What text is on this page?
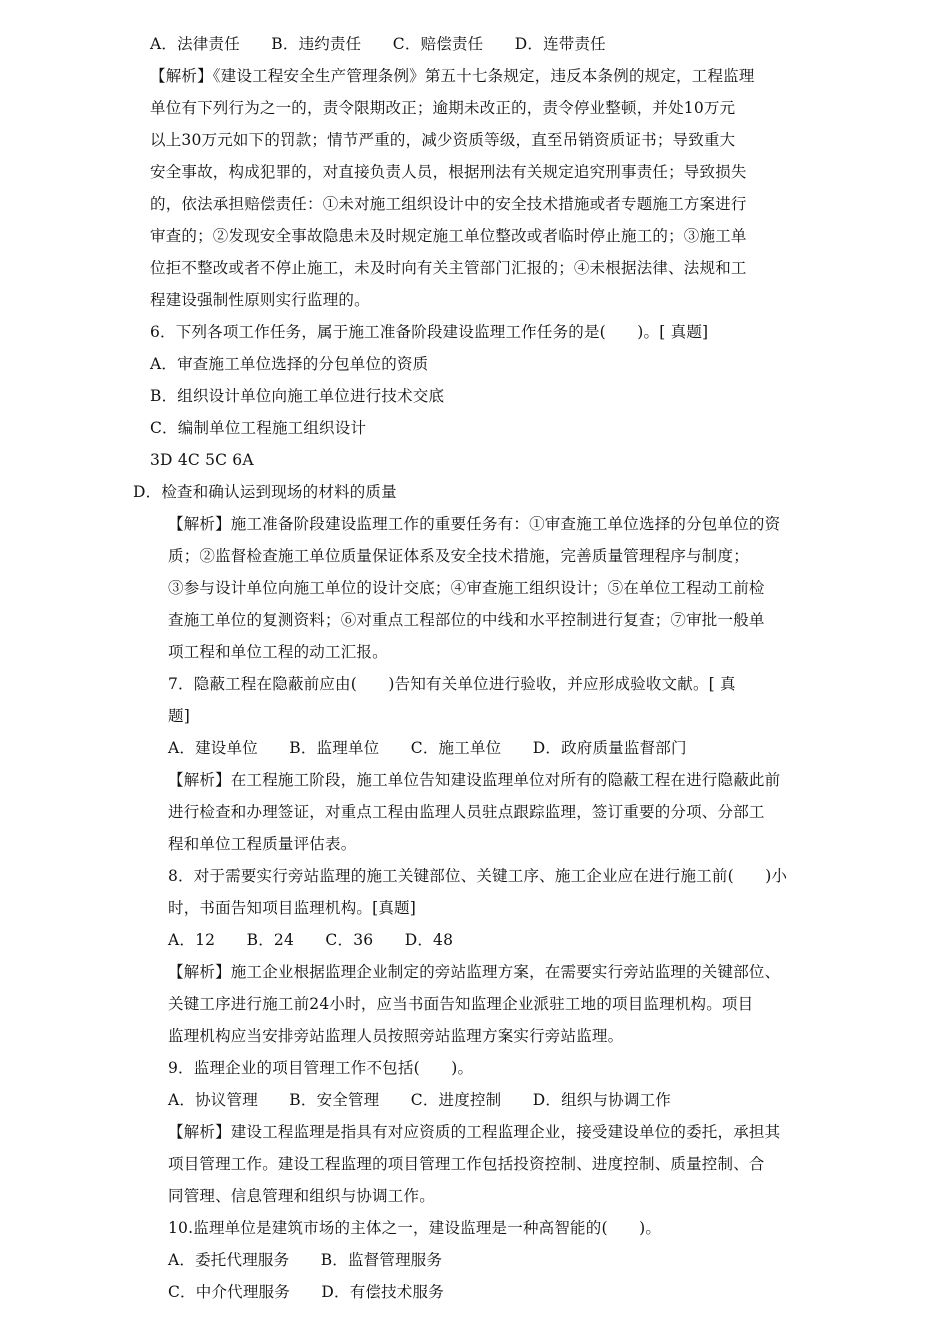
A．法律责任　　B．违约责任　　C．赔偿责任　　D．连带责任
【解析】《建设工程安全生产管理条例》第五十七条规定，违反本条例的规定，工程监理
单位有下列行为之一的，责令限期改正；逾期未改正的，责令停业整顿，并处10万元
以上30万元如下的罚款；情节严重的，减少资质等级，直至吊销资质证书；导致重大
安全事故，构成犯罪的，对直接负责人员，根据刑法有关规定追究刑事责任；导致损失
的，依法承担赔偿责任：①未对施工组织设计中的安全技术措施或者专题施工方案进行
审查的；②发现安全事故隐患未及时规定施工单位整改或者临时停止施工的；③施工单
位拒不整改或者不停止施工，未及时向有关主管部门汇报的；④未根据法律、法规和工
程建设强制性原则实行监理的。
6．下列各项工作任务，属于施工准备阶段建设监理工作任务的是(　　)。[ 真题]
A．审查施工单位选择的分包单位的资质
B．组织设计单位向施工单位进行技术交底
C．编制单位工程施工组织设计
3D 4C 5C 6A
D．检查和确认运到现场的材料的质量
【解析】施工准备阶段建设监理工作的重要任务有：①审查施工单位选择的分包单位的资
质；②监督检查施工单位质量保证体系及安全技术措施，完善质量管理程序与制度；
③参与设计单位向施工单位的设计交底；④审查施工组织设计；⑤在单位工程动工前检
查施工单位的复测资料；⑥对重点工程部位的中线和水平控制进行复查；⑦审批一般单
项工程和单位工程的动工汇报。
7．隐蔽工程在隐蔽前应由(　　)告知有关单位进行验收，并应形成验收文献。[ 真
题]
A．建设单位　　B．监理单位　　C．施工单位　　D．政府质量监督部门
【解析】在工程施工阶段，施工单位告知建设监理单位对所有的隐蔽工程在进行隐蔽此前
进行检查和办理签证，对重点工程由监理人员驻点跟踪监理，签订重要的分项、分部工
程和单位工程质量评估表。
8．对于需要实行旁站监理的施工关键部位、关键工序、施工企业应在进行施工前(　　)小
时，书面告知项目监理机构。[真题]
A．12　　B．24　　C．36　　D．48
【解析】施工企业根据监理企业制定的旁站监理方案，在需要实行旁站监理的关键部位、
关键工序进行施工前24小时，应当书面告知监理企业派驻工地的项目监理机构。项目
监理机构应当安排旁站监理人员按照旁站监理方案实行旁站监理。
9．监理企业的项目管理工作不包括(　　)。
A．协议管理　　B．安全管理　　C．进度控制　　D．组织与协调工作
【解析】建设工程监理是指具有对应资质的工程监理企业，接受建设单位的委托，承担其
项目管理工作。建设工程监理的项目管理工作包括投资控制、进度控制、质量控制、合
同管理、信息管理和组织与协调工作。
10.监理单位是建筑市场的主体之一，建设监理是一种高智能的(　　)。
A．委托代理服务　　B．监督管理服务
C．中介代理服务　　D．有偿技术服务
